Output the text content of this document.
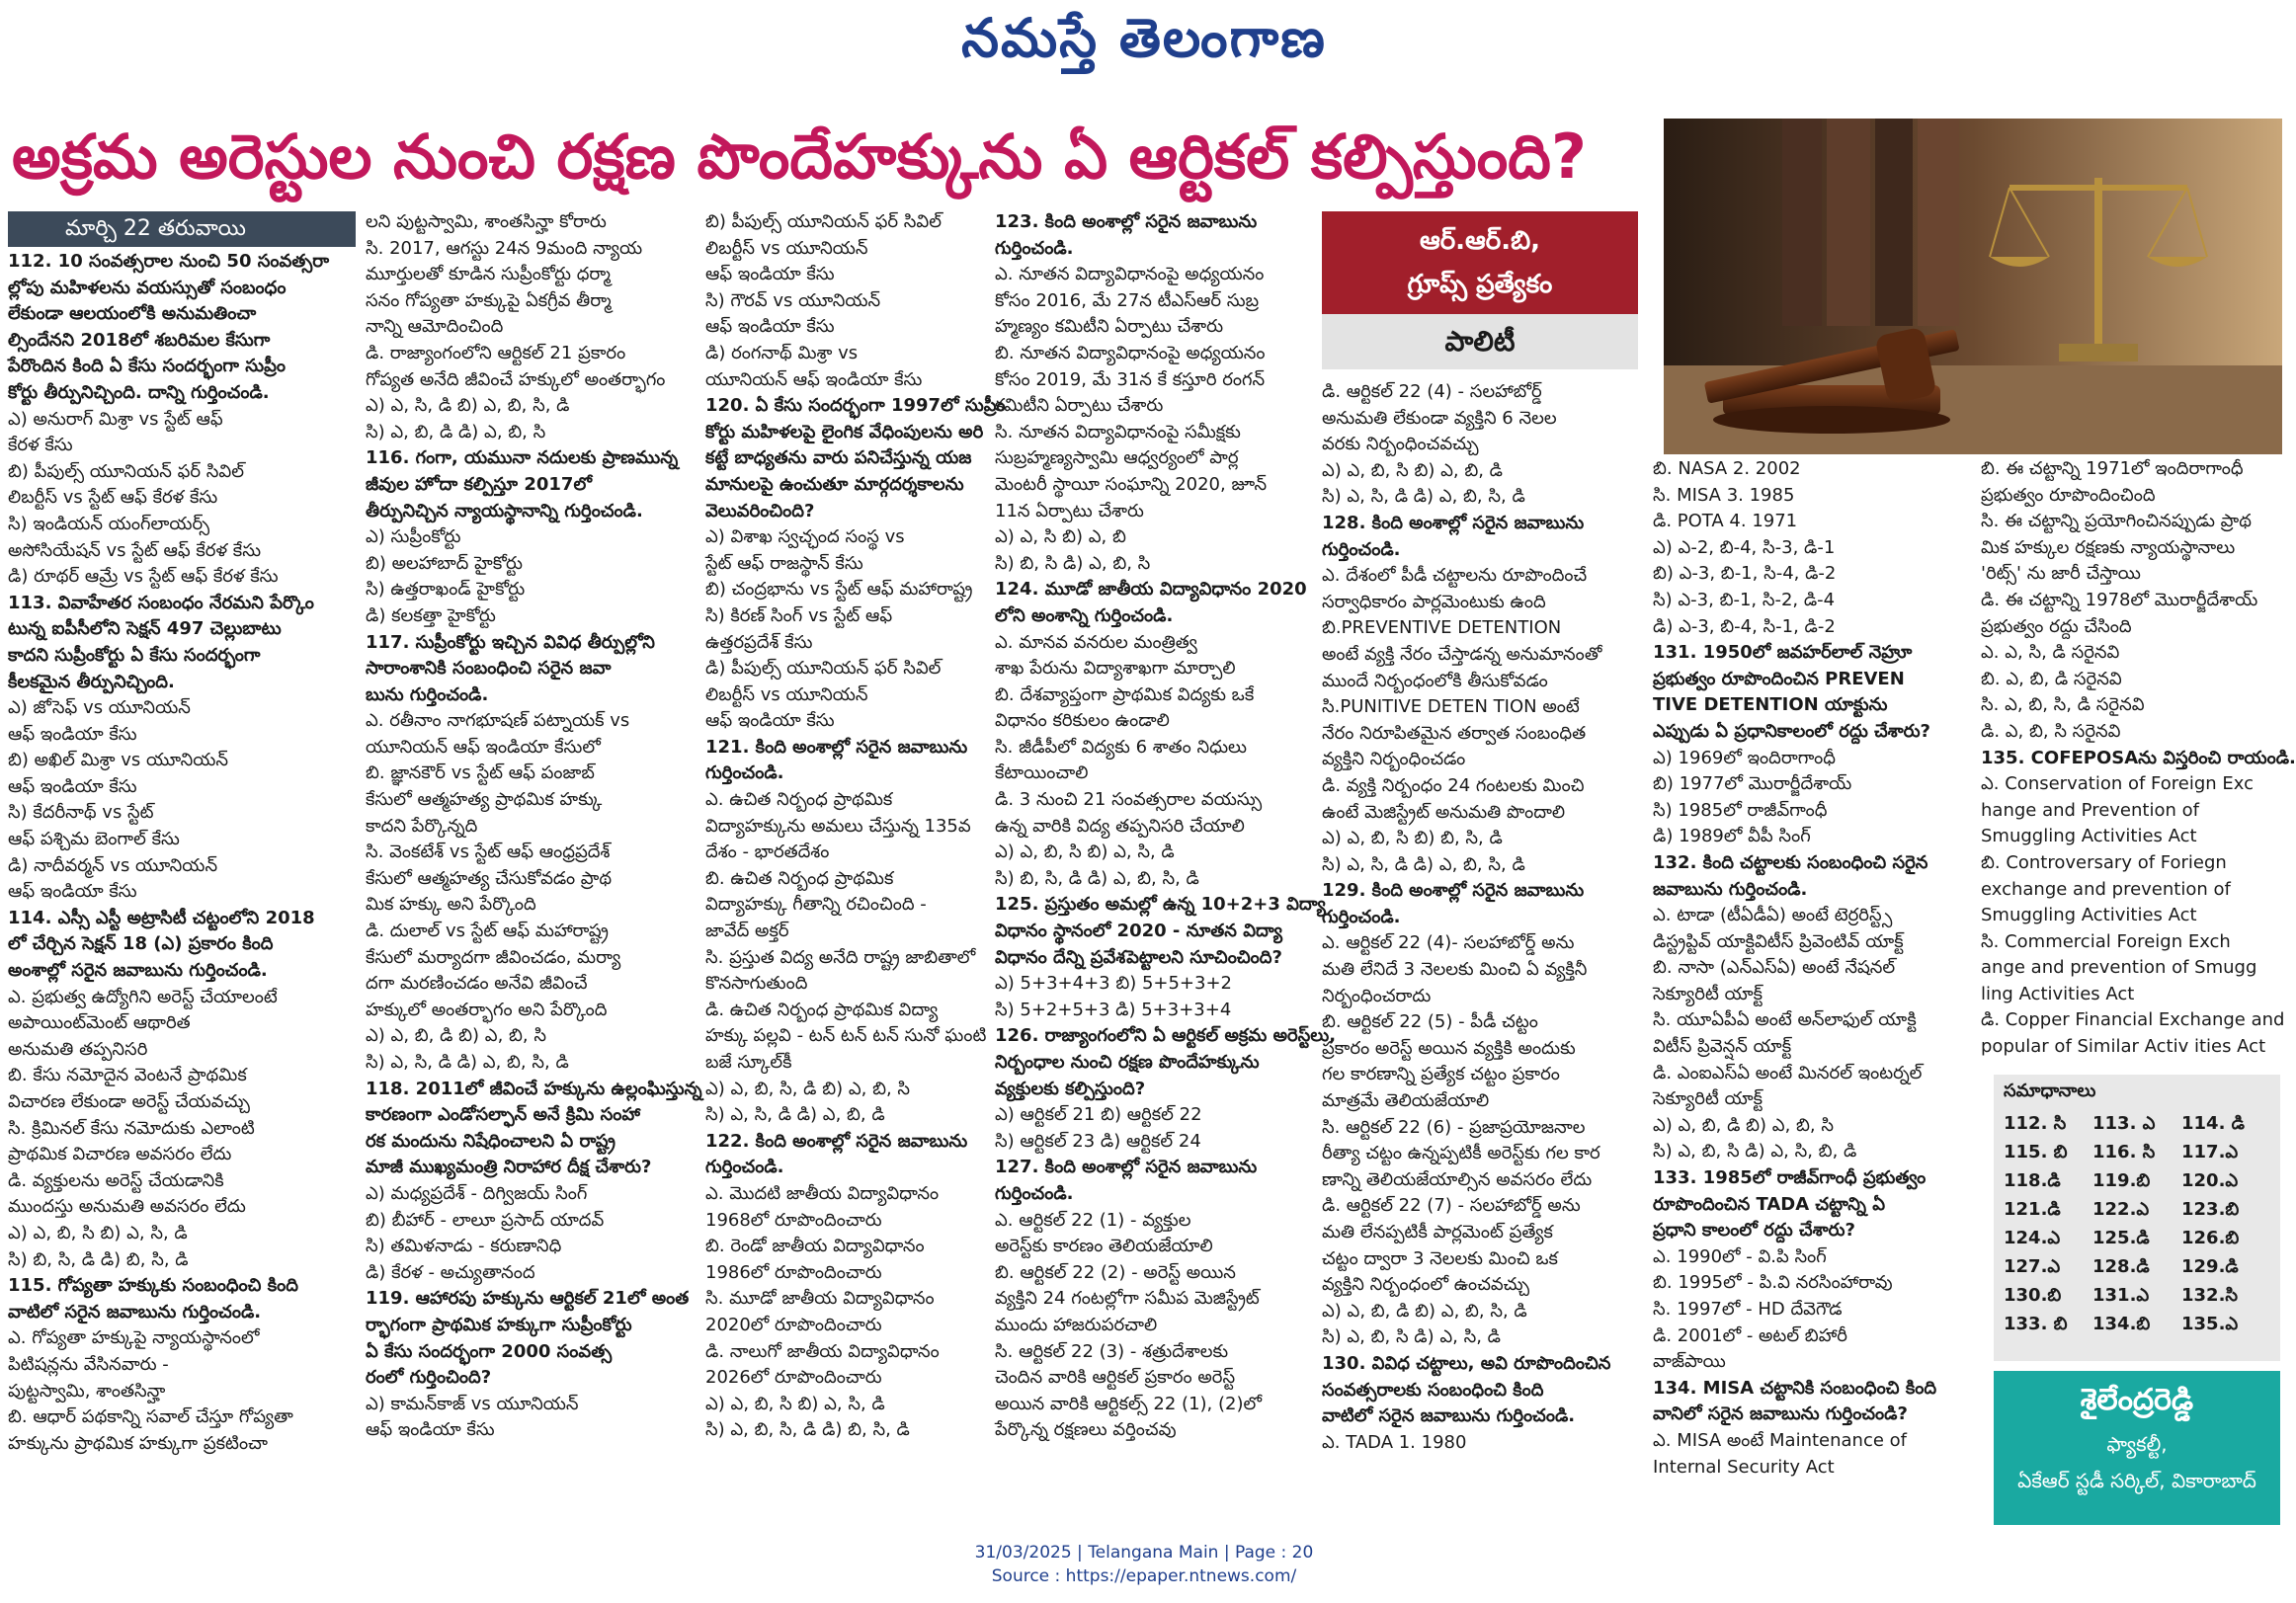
నమస్తే తెలంగాణ
అక్రమ అరెస్టుల నుంచి రక్షణ పొందేహక్కును ఏ ఆర్టికల్ కల్పిస్తుంది?
మార్చి 22 తరువాయి

112. 10 సంవత్సరాల నుంచి 50 సంవత్సరా

ల్లోపు మహిళలను వయస్సుతో సంబంధం

లేకుండా ఆలయంలోకి అనుమతించా

ల్సిందేనని 2018లో శబరిమల కేసుగా

పేరొందిన కింది ఏ కేసు సందర్భంగా సుప్రీం

కోర్టు తీర్పునిచ్చింది. దాన్ని గుర్తించండి.

ఎ) అనురాగ్ మిశ్రా vs స్టేట్ ఆఫ్

కేరళ కేసు

బి) పీపుల్స్ యూనియన్ ఫర్ సివిల్

లిబర్టీస్ vs స్టేట్ ఆఫ్ కేరళ కేసు

సి) ఇండియన్ యంగ్‌లాయర్స్

అసోసియేషన్ vs స్టేట్ ఆఫ్ కేరళ కేసు

డి) రూథర్ ఆమ్రే vs స్టేట్ ఆఫ్ కేరళ కేసు

113. వివాహేతర సంబంధం నేరమని పేర్కొం

టున్న ఐపీసీలోని సెక్షన్ 497 చెల్లుబాటు

కాదని సుప్రీంకోర్టు ఏ కేసు సందర్భంగా

కీలకమైన తీర్పునిచ్చింది.

ఎ) జోసెఫ్ vs యూనియన్

ఆఫ్ ఇండియా కేసు

బి) అఖిల్ మిశ్రా vs యూనియన్

ఆఫ్ ఇండియా కేసు

సి) కేదరీనాథ్ vs స్టేట్

ఆఫ్ పశ్చిమ బెంగాల్ కేసు

డి) నాదీవర్మన్ vs యూనియన్

ఆఫ్ ఇండియా కేసు

114. ఎస్సీ ఎస్టీ అట్రాసిటీ చట్టంలోని 2018

లో చేర్చిన సెక్షన్ 18 (ఎ) ప్రకారం కింది

అంశాల్లో సరైన జవాబును గుర్తించండి.

ఎ. ప్రభుత్వ ఉద్యోగిని అరెస్ట్ చేయాలంటే

అపాయింట్‌మెంట్ ఆథారిత

అనుమతి తప్పనిసరి

బి. కేసు నమోదైన వెంటనే ప్రాథమిక

విచారణ లేకుండా అరెస్ట్ చేయవచ్చు

సి. క్రిమినల్ కేసు నమోదుకు ఎలాంటి

ప్రాథమిక విచారణ అవసరం లేదు

డి. వ్యక్తులను అరెస్ట్ చేయడానికి

ముందస్తు అనుమతి అవసరం లేదు

ఎ) ఎ, బి, సి బి) ఎ, సి, డి

సి) బి, సి, డి డి) బి, సి, డి

115. గోప్యతా హక్కుకు సంబంధించి కింది

వాటిలో సరైన జవాబును గుర్తించండి.

ఎ. గోప్యతా హక్కుపై న్యాయస్థానంలో

పిటిషన్లను వేసినవారు -

పుట్టస్వామి, శాంతసిన్హా

బి. ఆధార్ పథకాన్ని సవాల్ చేస్తూ గోప్యతా

హక్కును ప్రాథమిక హక్కుగా ప్రకటించా

లని పుట్టస్వామి, శాంతసిన్హా కోరారు

సి. 2017, ఆగస్టు 24న 9మంది న్యాయ

మూర్తులతో కూడిన సుప్రీంకోర్టు ధర్మా

సనం గోప్యతా హక్కుపై ఏకగ్రీవ తీర్మా

నాన్ని ఆమోదించింది

డి. రాజ్యాంగంలోని ఆర్టికల్ 21 ప్రకారం

గోప్యత అనేది జీవించే హక్కులో అంతర్భాగం

ఎ) ఎ, సి, డి బి) ఎ, బి, సి, డి

సి) ఎ, బి, డి డి) ఎ, బి, సి

116. గంగా, యమునా నదులకు ప్రాణమున్న

జీవుల హోదా కల్పిస్తూ 2017లో

తీర్పునిచ్చిన న్యాయస్థానాన్ని గుర్తించండి.

ఎ) సుప్రీంకోర్టు

బి) అలహాబాద్ హైకోర్టు

సి) ఉత్తరాఖండ్ హైకోర్టు

డి) కలకత్తా హైకోర్టు

117. సుప్రీంకోర్టు ఇచ్చిన వివిధ తీర్పుల్లోని

సారాంశానికి సంబంధించి సరైన జవా

బును గుర్తించండి.

ఎ. రతీనాం నాగభూషణ్ పట్నాయక్ vs

యూనియన్ ఆఫ్ ఇండియా కేసులో

బి. జ్ఞానకౌర్ vs స్టేట్ ఆఫ్ పంజాబ్

కేసులో ఆత్మహత్య ప్రాథమిక హక్కు

కాదని పేర్కొన్నది

సి. వెంకటేశ్ vs స్టేట్ ఆఫ్ ఆంధ్రప్రదేశ్

కేసులో ఆత్మహత్య చేసుకోవడం ప్రాథ

మిక హక్కు అని పేర్కొంది

డి. దులాల్ vs స్టేట్ ఆఫ్ మహారాష్ట్ర

కేసులో మర్యాదగా జీవించడం, మర్యా

దగా మరణించడం అనేవి జీవించే

హక్కులో అంతర్భాగం అని పేర్కొంది

ఎ) ఎ, బి, డి బి) ఎ, బి, సి

సి) ఎ, సి, డి డి) ఎ, బి, సి, డి

118. 2011లో జీవించే హక్కును ఉల్లంఘిస్తున్న

కారణంగా ఎండోసల్ఫాన్ అనే క్రిమి సంహా

రక మందును నిషేధించాలని ఏ రాష్ట్ర

మాజీ ముఖ్యమంత్రి నిరాహార దీక్ష చేశారు?

ఎ) మధ్యప్రదేశ్ - దిగ్విజయ్ సింగ్

బి) బీహార్ - లాలూ ప్రసాద్ యాదవ్

సి) తమిళనాడు - కరుణానిధి

డి) కేరళ - అచ్యుతానంద

119. ఆహారపు హక్కును ఆర్టికల్ 21లో అంత

ర్భాగంగా ప్రాథమిక హక్కుగా సుప్రీంకోర్టు

ఏ కేసు సందర్భంగా 2000 సంవత్స

రంలో గుర్తించింది?

ఎ) కామన్‌కాజ్ vs యూనియన్

ఆఫ్ ఇండియా కేసు

బి) పీపుల్స్ యూనియన్ ఫర్ సివిల్

లిబర్టీస్ vs యూనియన్

ఆఫ్ ఇండియా కేసు

సి) గౌరవ్ vs యూనియన్

ఆఫ్ ఇండియా కేసు

డి) రంగనాథ్ మిశ్రా vs

యూనియన్ ఆఫ్ ఇండియా కేసు

120. ఏ కేసు సందర్భంగా 1997లో సుప్రీం

కోర్టు మహిళలపై లైంగిక వేధింపులను అరి

కట్టే బాధ్యతను వారు పనిచేస్తున్న యజ

మానులపై ఉంచుతూ మార్గదర్శకాలను

వెలువరించింది?

ఎ) విశాఖ స్వచ్ఛంద సంస్థ vs

స్టేట్ ఆఫ్ రాజస్థాన్ కేసు

బి) చంద్రభాను vs స్టేట్ ఆఫ్ మహారాష్ట్ర

సి) కిరణ్ సింగ్ vs స్టేట్ ఆఫ్

ఉత్తరప్రదేశ్ కేసు

డి) పీపుల్స్ యూనియన్ ఫర్ సివిల్

లిబర్టీస్ vs యూనియన్

ఆఫ్ ఇండియా కేసు

121. కింది అంశాల్లో సరైన జవాబును

గుర్తించండి.

ఎ. ఉచిత నిర్బంధ ప్రాథమిక

విద్యాహక్కును అమలు చేస్తున్న 135వ

దేశం - భారతదేశం

బి. ఉచిత నిర్బంధ ప్రాథమిక

విద్యాహక్కు గీతాన్ని రచించింది -

జావేద్ అక్తర్

సి. ప్రస్తుత విద్య అనేది రాష్ట్ర జాబితాలో

కొనసాగుతుంది

డి. ఉచిత నిర్బంధ ప్రాథమిక విద్యా

హక్కు పల్లవి - టన్ టన్ టన్ సునో ఘంటి

బజే స్కూల్‌కీ

ఎ) ఎ, బి, సి, డి బి) ఎ, బి, సి

సి) ఎ, సి, డి డి) ఎ, బి, డి

122. కింది అంశాల్లో సరైన జవాబును

గుర్తించండి.

ఎ. మొదటి జాతీయ విద్యావిధానం

1968లో రూపొందించారు

బి. రెండో జాతీయ విద్యావిధానం

1986లో రూపొందించారు

సి. మూడో జాతీయ విద్యావిధానం

2020లో రూపొందించారు

డి. నాలుగో జాతీయ విద్యావిధానం

2026లో రూపొందించారు

ఎ) ఎ, బి, సి బి) ఎ, సి, డి

సి) ఎ, బి, సి, డి డి) బి, సి, డి

123. కింది అంశాల్లో సరైన జవాబును

గుర్తించండి.

ఎ. నూతన విద్యావిధానంపై అధ్యయనం

కోసం 2016, మే 27న టీఎస్‌ఆర్ సుబ్ర

హ్మణ్యం కమిటీని ఏర్పాటు చేశారు

బి. నూతన విద్యావిధానంపై అధ్యయనం

కోసం 2019, మే 31న కే కస్తూరి రంగన్

కమిటీని ఏర్పాటు చేశారు

సి. నూతన విద్యావిధానంపై సమీక్షకు

సుబ్రహ్మణ్యస్వామి ఆధ్వర్యంలో పార్ల

మెంటరీ స్థాయీ సంఘాన్ని 2020, జూన్

11న ఏర్పాటు చేశారు

ఎ) ఎ, సి బి) ఎ, బి

సి) బి, సి డి) ఎ, బి, సి

124. మూడో జాతీయ విద్యావిధానం 2020

లోని అంశాన్ని గుర్తించండి.

ఎ. మానవ వనరుల మంత్రిత్వ

శాఖ పేరును విద్యాశాఖగా మార్చాలి

బి. దేశవ్యాప్తంగా ప్రాథమిక విద్యకు ఒకే

విధానం కరికులం ఉండాలి

సి. జీడీపీలో విద్యకు 6 శాతం నిధులు

కేటాయించాలి

డి. 3 నుంచి 21 సంవత్సరాల వయస్సు

ఉన్న వారికి విద్య తప్పనిసరి చేయాలి

ఎ) ఎ, బి, సి బి) ఎ, సి, డి

సి) బి, సి, డి డి) ఎ, బి, సి, డి

125. ప్రస్తుతం అమల్లో ఉన్న 10+2+3 విద్యా

విధానం స్థానంలో 2020 - నూతన విద్యా

విధానం దేన్ని ప్రవేశపెట్టాలని సూచించింది?

ఎ) 5+3+4+3 బి) 5+5+3+2

సి) 5+2+5+3 డి) 5+3+3+4

126. రాజ్యాంగంలోని ఏ ఆర్టికల్ అక్రమ అరెస్ట్‌లు,

నిర్బంధాల నుంచి రక్షణ పొందేహక్కును

వ్యక్తులకు కల్పిస్తుంది?

ఎ) ఆర్టికల్ 21 బి) ఆర్టికల్ 22

సి) ఆర్టికల్ 23 డి) ఆర్టికల్ 24

127. కింది అంశాల్లో సరైన జవాబును

గుర్తించండి.

ఎ. ఆర్టికల్ 22 (1) - వ్యక్తుల

అరెస్ట్‌కు కారణం తెలియజేయాలి

బి. ఆర్టికల్ 22 (2) - అరెస్ట్ అయిన

వ్యక్తిని 24 గంటల్లోగా సమీప మెజిస్ట్రేట్

ముందు హాజరుపరచాలి

సి. ఆర్టికల్ 22 (3) - శత్రుదేశాలకు

చెందిన వారికి ఆర్టికల్ ప్రకారం అరెస్ట్

అయిన వారికి ఆర్టికల్స్ 22 (1), (2)లో

పేర్కొన్న రక్షణలు వర్తించవు

ఆర్.ఆర్.బి,
గ్రూప్స్ ప్రత్యేకం
పాలిటీ

డి. ఆర్టికల్ 22 (4) - సలహాబోర్డ్

అనుమతి లేకుండా వ్యక్తిని 6 నెలల

వరకు నిర్బంధించవచ్చు

ఎ) ఎ, బి, సి బి) ఎ, బి, డి

సి) ఎ, సి, డి డి) ఎ, బి, సి, డి

128. కింది అంశాల్లో సరైన జవాబును

గుర్తించండి.

ఎ. దేశంలో పీడీ చట్టాలను రూపొందించే

సర్వాధికారం పార్లమెంటుకు ఉంది

బి.PREVENTIVE DETENTION

అంటే వ్యక్తి నేరం చేస్తాడన్న అనుమానంతో

ముందే నిర్బంధంలోకి తీసుకోవడం

సి.PUNITIVE DETEN TION అంటే

నేరం నిరూపితమైన తర్వాత సంబంధిత

వ్యక్తిని నిర్బంధించడం

డి. వ్యక్తి నిర్బంధం 24 గంటలకు మించి

ఉంటే మెజిస్ట్రేట్ అనుమతి పొందాలి

ఎ) ఎ, బి, సి బి) బి, సి, డి

సి) ఎ, సి, డి డి) ఎ, బి, సి, డి

129. కింది అంశాల్లో సరైన జవాబును

గుర్తించండి.

ఎ. ఆర్టికల్ 22 (4)- సలహాబోర్డ్ అను

మతి లేనిదే 3 నెలలకు మించి ఏ వ్యక్తినీ

నిర్బంధించరాదు

బి. ఆర్టికల్ 22 (5) - పీడీ చట్టం

ప్రకారం అరెస్ట్ అయిన వ్యక్తికి అందుకు

గల కారణాన్ని ప్రత్యేక చట్టం ప్రకారం

మాత్రమే తెలియజేయాలి

సి. ఆర్టికల్ 22 (6) - ప్రజాప్రయోజనాల

రీత్యా చట్టం ఉన్నప్పటికీ అరెస్ట్‌కు గల కార

ణాన్ని తెలియజేయాల్సిన అవసరం లేదు

డి. ఆర్టికల్ 22 (7) - సలహాబోర్డ్ అను

మతి లేనప్పటికీ పార్లమెంట్ ప్రత్యేక

చట్టం ద్వారా 3 నెలలకు మించి ఒక

వ్యక్తిని నిర్బంధంలో ఉంచవచ్చు

ఎ) ఎ, బి, డి బి) ఎ, బి, సి, డి

సి) ఎ, బి, సి డి) ఎ, సి, డి

130. వివిధ చట్టాలు, అవి రూపొందించిన

సంవత్సరాలకు సంబంధించి కింది

వాటిలో సరైన జవాబును గుర్తించండి.

ఎ. TADA 1. 1980

బి. NASA 2. 2002

సి. MISA 3. 1985

డి. POTA 4. 1971

ఎ) ఎ-2, బి-4, సి-3, డి-1

బి) ఎ-3, బి-1, సి-4, డి-2

సి) ఎ-3, బి-1, సి-2, డి-4

డి) ఎ-3, బి-4, సి-1, డి-2

131. 1950లో జవహర్‌లాల్ నెహ్రూ

ప్రభుత్వం రూపొందించిన PREVEN

TIVE DETENTION యాక్టును

ఎప్పుడు ఏ ప్రధానికాలంలో రద్దు చేశారు?

ఎ) 1969లో ఇందిరాగాంధీ

బి) 1977లో మొరార్జీదేశాయ్

సి) 1985లో రాజీవ్‌గాంధీ

డి) 1989లో వీపీ సింగ్

132. కింది చట్టాలకు సంబంధించి సరైన

జవాబును గుర్తించండి.

ఎ. టాడా (టీఏడీఏ) అంటే టెర్రరిస్ట్స్

డిస్ట్రప్టివ్ యాక్టివిటీస్ ప్రివెంటివ్ యాక్ట్

బి. నాసా (ఎన్‌ఎస్‌ఏ) అంటే నేషనల్

సెక్యూరిటీ యాక్ట్

సి. యూఏపీఏ అంటే అన్‌లాఫుల్ యాక్టి

విటీస్ ప్రివెన్షన్ యాక్ట్

డి. ఎంఐఎస్‌ఏ అంటే మినరల్ ఇంటర్నల్

సెక్యూరిటీ యాక్ట్

ఎ) ఎ, బి, డి బి) ఎ, బి, సి

సి) ఎ, బి, సి డి) ఎ, సి, బి, డి

133. 1985లో రాజీవ్‌గాంధీ ప్రభుత్వం

రూపొందించిన TADA చట్టాన్ని ఏ

ప్రధాని కాలంలో రద్దు చేశారు?

ఎ. 1990లో - వి.పి సింగ్

బి. 1995లో - పి.వి నరసింహారావు

సి. 1997లో - HD దేవెగౌడ

డి. 2001లో - అటల్ బిహారీ

వాజ్‌పాయి

134. MISA చట్టానికి సంబంధించి కింది

వానిలో సరైన జవాబును గుర్తించండి?

ఎ. MISA అంటే Maintenance of

Internal Security Act

బి. ఈ చట్టాన్ని 1971లో ఇందిరాగాంధీ

ప్రభుత్వం రూపొందించింది

సి. ఈ చట్టాన్ని ప్రయోగించినప్పుడు ప్రాథ

మిక హక్కుల రక్షణకు న్యాయస్థానాలు

'రిట్స్' ను జారీ చేస్తాయి

డి. ఈ చట్టాన్ని 1978లో మొరార్జీదేశాయ్

ప్రభుత్వం రద్దు చేసింది

ఎ. ఎ, సి, డి సరైనవి

బి. ఎ, బి, డి సరైనవి

సి. ఎ, బి, సి, డి సరైనవి

డి. ఎ, బి, సి సరైనవి

135. COFEPOSAను విస్తరించి రాయండి.

ఎ. Conservation of Foreign Exc

hange and Prevention of

Smuggling Activities Act

బి. Controversary of Foriegn

exchange and prevention of

Smuggling Activities Act

సి. Commercial Foreign Exch

ange and prevention of Smugg

ling Activities Act

డి. Copper Financial Exchange and

popular of Similar Activ ities Act

సమాధానాలు
112. సి	113. ఎ	114. డి
115. బి	116. సి	117.ఎ
118.డి	119.బి	120.ఎ
121.డి	122.ఎ	123.బి
124.ఎ	125.డి	126.బి
127.ఎ	128.డి	129.డి
130.బి	131.ఎ	132.సి
133. బి	134.బి	135.ఎ
శైలేంద్రరెడ్డి
ఫ్యాకల్టీ,
ఏకేఆర్ స్టడీ సర్కిల్, వికారాబాద్
31/03/2025 | Telangana Main | Page : 20
Source : https://epaper.ntnews.com/
